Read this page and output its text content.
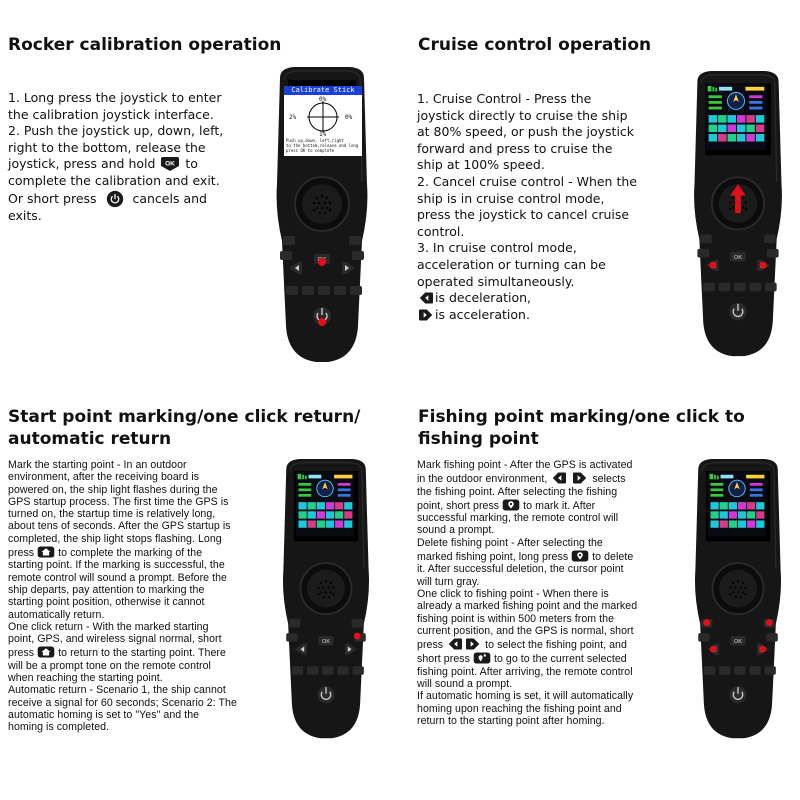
Rocker calibration operation
1. Long press the joystick to enter
the calibration joystick interface.
2. Push the joystick up, down, left,
right to the bottom, release the
joystick, press and hold to
complete the calibration and exit.
Or short press	cancels and
exits.
Calibrate Stick
0%
2%	0%
1%
Push up,down, left,right
to the bottom,release and long
press OK to complete
Cruise control operation
1. Cruise Control - Press the
joystick directly to cruise the ship
at 80% speed, or push the joystick
forward and press to cruise the
ship at 100% speed.
2. Cancel cruise control - When the
ship is in cruise control mode,
press the joystick to cancel cruise
control.
3. In cruise control mode,
acceleration or turning can be
operated simultaneously.
is deceleration,
is acceleration.
Start point marking/one click return/
automatic return
Mark the starting point - In an outdoor
environment, after the receiving board is
powered on, the ship light flashes during the
GPS startup process. The first time the GPS is
turned on, the startup time is relatively long,
about tens of seconds. After the GPS startup is
completed, the ship light stops flashing. Long
press to complete the marking of the
starting point. If the marking is successful, the
remote control will sound a prompt. Before the
ship departs, pay attention to marking the
starting point position, otherwise it cannot
automatically return.
One click return - With the marked starting
point, GPS, and wireless signal normal, short
press to return to the starting point. There
will be a prompt tone on the remote control
when reaching the starting point.
Automatic return - Scenario 1, the ship cannot
receive a signal for 60 seconds; Scenario 2: The
automatic homing is set to "Yes" and the
homing is completed.
Fishing point marking/one click to
fishing point
Mark fishing point - After the GPS is activated
in the outdoor environment,
	selects
the fishing point. After selecting the fishing
point, short press to mark it. After
successful marking, the remote control will
sound a prompt.
Delete fishing point - After selecting the
marked fishing point, long press to delete
it. After successful deletion, the cursor point
will turn gray.
One click to fishing point - When there is
already a marked fishing point and the marked
fishing point is within 500 meters from the
current position, and the GPS is normal, short
press	to select the fishing point, and
short press to go to the current selected
fishing point. After arriving, the remote control
will sound a prompt.
If automatic homing is set, it will automatically
homing upon reaching the fishing point and
return to the starting point after homing.
